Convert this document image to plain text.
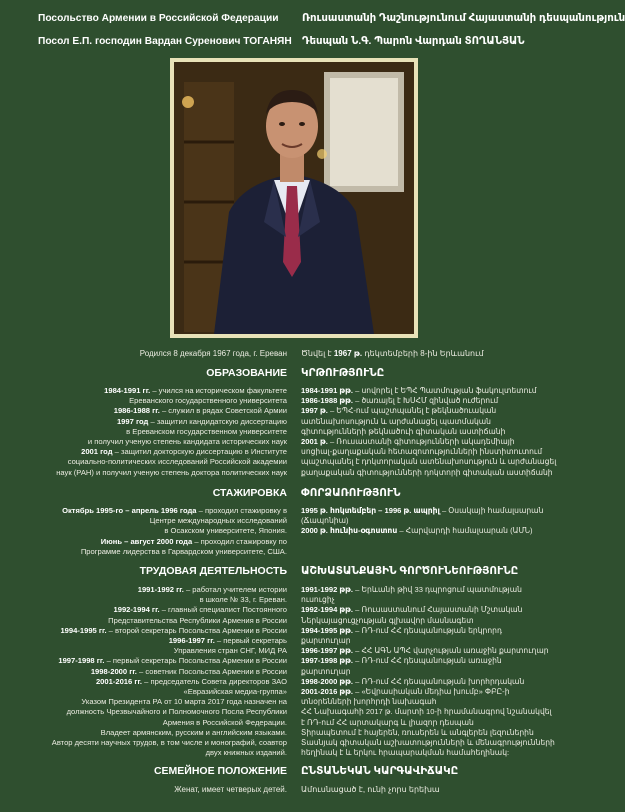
Посольство Армении в Российской Федерации Ռուսաստանի Դաշնությունում Հայաստանի դեսպանություն
Посол Е.П. господин Вардан Суренович ТОГАНЯН Դեսպան Ն.Գ. Պարոն Վարդան ՏՈՂԱՆՅԱՆ
Родился 8 декабря 1967 года, г. Ереван Ծնվել է 1967 թ. դեկտեմբերի 8-ին Երևանում
ОБРАЗОВАНИЕ ԿՐԹՈՒԹՅՈՒՆԸ
1984-1991 гг. – учился на историческом факультете
Ереванского государственного университета
1986-1988 гг. – служил в рядах Советской Армии
1997 год – защитил кандидатскую диссертацию
в Ереванском государственном университете
и получил ученую степень кандидата исторических наук
2001 год – защитил докторскую диссертацию в Институте
социально-политических исследований Российской академии
наук (РАН) и получил ученую степень доктора политических наук
1984-1991 թթ. – սովորել է ԵՊՀ Պատմության ֆակուլտետում
1986-1988 թթ. – ծառայել է ԽՍՀՄ զինված ուժերում
1997 թ. – ԵՊՀ-ում պաշտպանել է թեկնածուական
ատենախոսություն և արժանացել պատմական
գիտությունների թեկնածուի գիտական աստիճանի
2001 թ. – Ռուսաստանի գիտությունների ակադեմիայի
սոցիալ-քաղաքական հետազոտությունների ինստիտուտում
պաշտպանել է դոկտորական ատենախոսություն և արժանացել
քաղաքական գիտությունների դոկտորի գիտական աստիճանի
СТАЖИРОВКА ՓՈՐՁԱՌՈՒԹՅՈՒՆ
Октябрь 1995-го – апрель 1996 года – проходил стажировку в
Центре международных исследований
в Осакском университете, Япония.
Июнь – август 2000 года – проходил стажировку по
Программе лидерства в Гарвардском университете, США.
1995 թ. հոկտեմբեր – 1996 թ. ապրիլ – Օսակայի համալսարան
(Ճապոնիա)
2000 թ. հունիս-օգոստոս – Հարվարդի համալսարան (ԱՄՆ)
ТРУДОВАЯ ДЕЯТЕЛЬНОСТЬ ԱՇԽԱՏԱՆՔԱՅԻՆ ԳՈՐԾՈՒՆԵՈՒԹՅՈՒՆԸ
1991-1992 гг. – работал учителем истории
в школе № 33, г. Ереван.
1992-1994 гг. – главный специалист Постоянного
Представительства Республики Армения в России
1994-1995 гг. – второй секретарь Посольства Армении в России
1996-1997 гг. – первый секретарь
Управления стран СНГ, МИД РА
1997-1998 гг. – первый секретарь Посольства Армении в России
1998-2000 гг. – советник Посольства Армении в России
2001-2016 гг. – председатель Совета директоров ЗАО
«Евразийская медиа-группа»
Указом Президента РА от 10 марта 2017 года назначен на
должность Чрезвычайного и Полномочного Посла Республики
Армения в Российской Федерации.
Владеет армянским, русским и английским языками.
Автор десяти научных трудов, в том числе и монографий, соавтор
двух книжных изданий.
1991-1992 թթ. – Երևանի թիվ 33 դպրոցում պատմության
ուսուցիչ
1992-1994 թթ. – Ռուսաստանում Հայաստանի Մշտական
Ներկայացուցչության գլխավոր մասնագետ
1994-1995 թթ. – ՌԴ-ում ՀՀ դեսպանության երկրորդ
քարտուղար
1996-1997 թթ. – ՀՀ ԱԳՆ ԱՊՀ վարչության առաջին քարտուղար
1997-1998 թթ. – ՌԴ-ում ՀՀ դեսպանության առաջին
քարտուղար
1998-2000 թթ. – ՌԴ-ում ՀՀ դեսպանության խորհրդական
2001-2016 թթ. – «Եվրասիական մեդիա խումբ» ՓԲԸ-ի
տնօրենների խորհրդի նախագահ
ՀՀ Նախագահի 2017 թ. մարտի 10-ի հրամանագրով նշանակվել
է ՌԴ-ում ՀՀ արտակարգ և լիազոր դեսպան
Տիրապետում է հայերեն, ռուսերեն և անգլերեն լեզուներին
Տասնյակ գիտական աշխատությունների և մենագրությունների
հեղինակ է և երկու հրապարակման համահեղինակ:
СЕМЕЙНОЕ ПОЛОЖЕНИЕ ԸՆՏԱՆԵԿԱՆ ԿԱՐԳԱՎԻՃԱԿԸ
Женат, имеет четверых детей. Ամուսնացած է, ունի չորս երեխա
